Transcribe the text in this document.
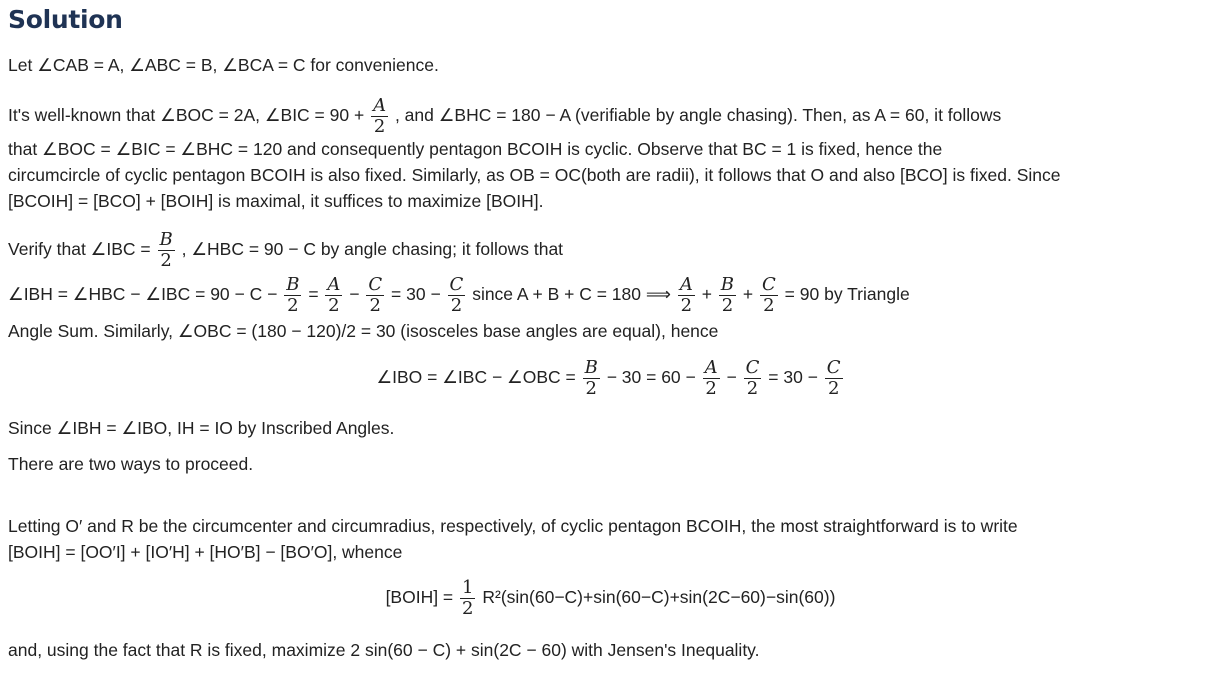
Solution
Let ∠CAB = A, ∠ABC = B, ∠BCA = C for convenience.
It's well-known that ∠BOC = 2A, ∠BIC = $90 + \frac{A}{2}$ , and ∠BHC = 180 − A (verifiable by angle chasing). Then, as A = 60, it follows
that ∠BOC = ∠BIC = ∠BHC = 120 and consequently pentagon BCOIH is cyclic. Observe that BC = 1 is fixed, hence the
circumcircle of cyclic pentagon BCOIH is also fixed. Similarly, as OB = OC(both are radii), it follows that O and also [BCO] is fixed. Since
[BCOIH] = [BCO] + [BOIH] is maximal, it suffices to maximize [BOIH].
Verify that ∠IBC = $\frac{B}{2}$ , ∠HBC = 90 − C by angle chasing; it follows that
∠IBH = ∠HBC − ∠IBC = $90 - C - \frac{B}{2} = \frac{A}{2} - \frac{C}{2} = 30 - \frac{C}{2}$ since A + B + C = 180 ⟹ $\frac{A}{2} + \frac{B}{2} + \frac{C}{2} = 90$ by Triangle
Angle Sum. Similarly, ∠OBC = (180 − 120)/2 = 30 (isosceles base angles are equal), hence
∠IBO = ∠IBC − ∠OBC = $\frac{B}{2} - 30 = 60 - \frac{A}{2} - \frac{C}{2} = 30 - \frac{C}{2}$
Since ∠IBH = ∠IBO, IH = IO by Inscribed Angles.
There are two ways to proceed.
Letting O′ and R be the circumcenter and circumradius, respectively, of cyclic pentagon BCOIH, the most straightforward is to write
[BOIH] = [OO′I] + [IO′H] + [HO′B] − [BO′O], whence
[BOIH] = $\frac{1}{2} R^2(\sin(60-C)+\sin(60-C)+\sin(2C-60)-\sin(60))$
and, using the fact that R is fixed, maximize 2 sin(60 − C) + sin(2C − 60) with Jensen's Inequality.
